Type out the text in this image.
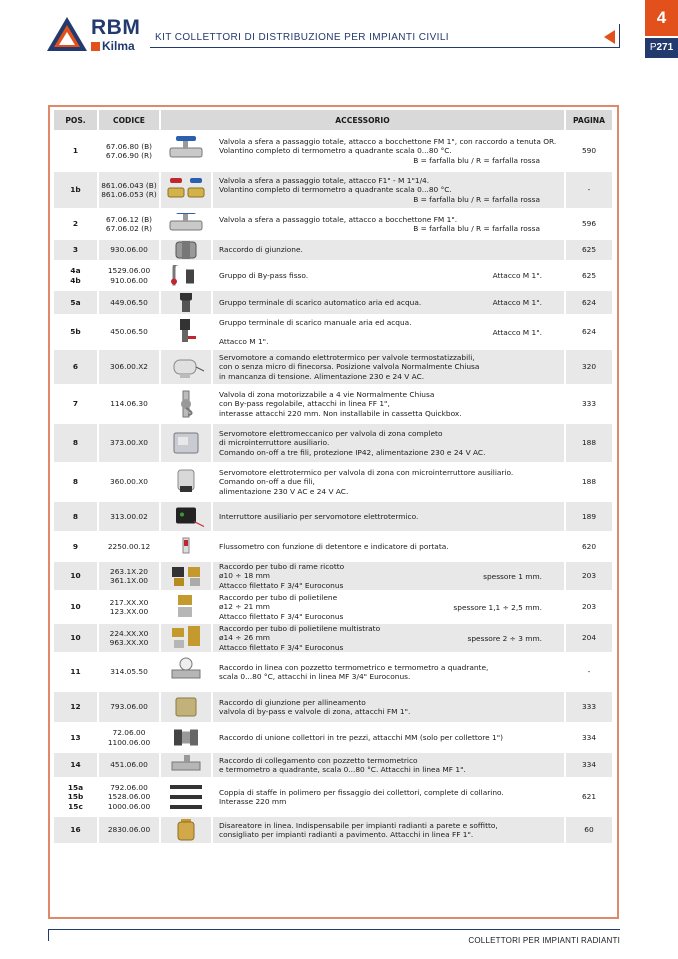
RBM
Kilma
KIT COLLETTORI DI DISTRIBUZIONE PER IMPIANTI CIVILI
4
P271
POS.	CODICE	ACCESSORIO		PAGINA

1	67.06.80 (B)
67.06.90 (R)		Valvola a sfera a passaggio totale, attacco a bocchettone FM 1", con raccordo a tenuta OR.
Volantino completo di termometro a quadrante scala 0...80 °C.
B = farfalla blu / R = farfalla rossa	590

1b	861.06.043 (B)
861.06.053 (R)		Valvola a sfera a passaggio totale, attacco F1" - M 1"1/4.
Volantino completo di termometro a quadrante scala 0...80 °C.
B = farfalla blu / R = farfalla rossa	-

2	67.06.12 (B)
67.06.02 (R)		Valvola a sfera a passaggio totale, attacco a bocchettone FM 1".
B = farfalla blu / R = farfalla rossa	596

3	930.06.00		Raccordo di giunzione.	625

4a
4b	1529.06.00
910.06.00		Gruppo di By-pass fisso. Attacco M 1".	625

5a	449.06.50		Gruppo terminale di scarico automatico aria ed acqua. Attacco M 1".	624

5b	450.06.50		Gruppo terminale di scarico manuale aria ed acqua.
Attacco M 1".
Attacco M 1".	624

6	306.00.X2		Servomotore a comando elettrotermico per valvole termostatizzabili,
con o senza micro di finecorsa. Posizione valvola Normalmente Chiusa
in mancanza di tensione. Alimentazione 230 e 24 V AC.	320

7	114.06.30		Valvola di zona motorizzabile a 4 vie Normalmente Chiusa
con By-pass regolabile, attacchi in linea FF 1",
interasse attacchi 220 mm. Non installabile in cassetta Quickbox.	333

8	373.00.X0		Servomotore elettromeccanico per valvola di zona completo
di microinterruttore ausiliario.
Comando on-off a tre fili, protezione IP42, alimentazione 230 e 24 V AC.	188

8	360.00.X0		Servomotore elettrotermico per valvola di zona con microinterruttore ausiliario.
Comando on-off a due fili,
alimentazione 230 V AC e 24 V AC.	188

8	313.00.02		Interruttore ausiliario per servomotore elettrotermico.	189

9	2250.00.12		Flussometro con funzione di detentore e indicatore di portata.	620

10	263.1X.20
361.1X.00		Raccordo per tubo di rame ricotto
ø10 ÷ 18 mm
Attacco filettato F 3/4" Euroconus
spessore 1 mm.	203

10	217.XX.X0
123.XX.00		Raccordo per tubo di polietilene
ø12 ÷ 21 mm
Attacco filettato F 3/4" Euroconus
spessore 1,1 ÷ 2,5 mm.	203

10	224.XX.X0
963.XX.X0		Raccordo per tubo di polietilene multistrato
ø14 ÷ 26 mm
Attacco filettato F 3/4" Euroconus
spessore 2 ÷ 3 mm.	204

11	314.05.50		Raccordo in linea con pozzetto termometrico e termometro a quadrante,
scala 0...80 °C, attacchi in linea MF 3/4" Euroconus.	-

12	793.06.00		Raccordo di giunzione per allineamento
valvola di by-pass e valvole di zona, attacchi FM 1".	333

13	72.06.00
1100.06.00		Raccordo di unione collettori in tre pezzi, attacchi MM (solo per collettore 1")	334

14	451.06.00		Raccordo di collegamento con pozzetto termometrico
e termometro a quadrante, scala 0...80 °C. Attacchi in linea MF 1".	334

15a
15b
15c	792.06.00
1528.06.00
1000.06.00		Coppia di staffe in polimero per fissaggio dei collettori, complete di collarino.
Interasse 220 mm	621

16	2830.06.00		Disareatore in linea. Indispensabile per impianti radianti a parete e soffitto,
consigliato per impianti radianti a pavimento. Attacchi in linea FF 1".	60
COLLETTORI PER IMPIANTI RADIANTI
